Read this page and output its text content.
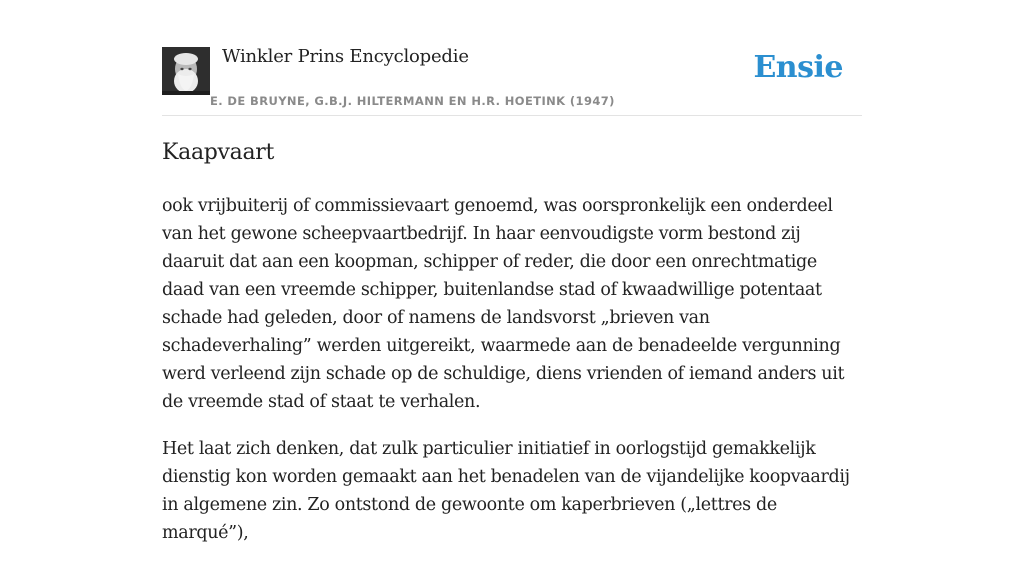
Winkler Prins Encyclopedie
E. DE BRUYNE, G.B.J. HILTERMANN EN H.R. HOETINK (1947)
Ensie
Kaapvaart

ook vrijbuiterij of commissievaart genoemd, was oorspronkelijk een onderdeel van het gewone scheepvaartbedrijf. In haar eenvoudigste vorm bestond zij daaruit dat aan een koopman, schipper of reder, die door een onrechtmatige daad van een vreemde schipper, buitenlandse stad of kwaadwillige potentaat schade had geleden, door of namens de landsvorst „brieven van schadeverhaling” werden uitgereikt, waarmede aan de benadeelde vergunning werd verleend zijn schade op de schuldige, diens vrienden of iemand anders uit de vreemde stad of staat te verhalen.

Het laat zich denken, dat zulk particulier initiatief in oorlogstijd gemakkelijk dienstig kon worden gemaakt aan het benadelen van de vijandelijke koopvaardij in algemene zin. Zo ontstond de gewoonte om kaperbrieven („lettres de marqué”),
